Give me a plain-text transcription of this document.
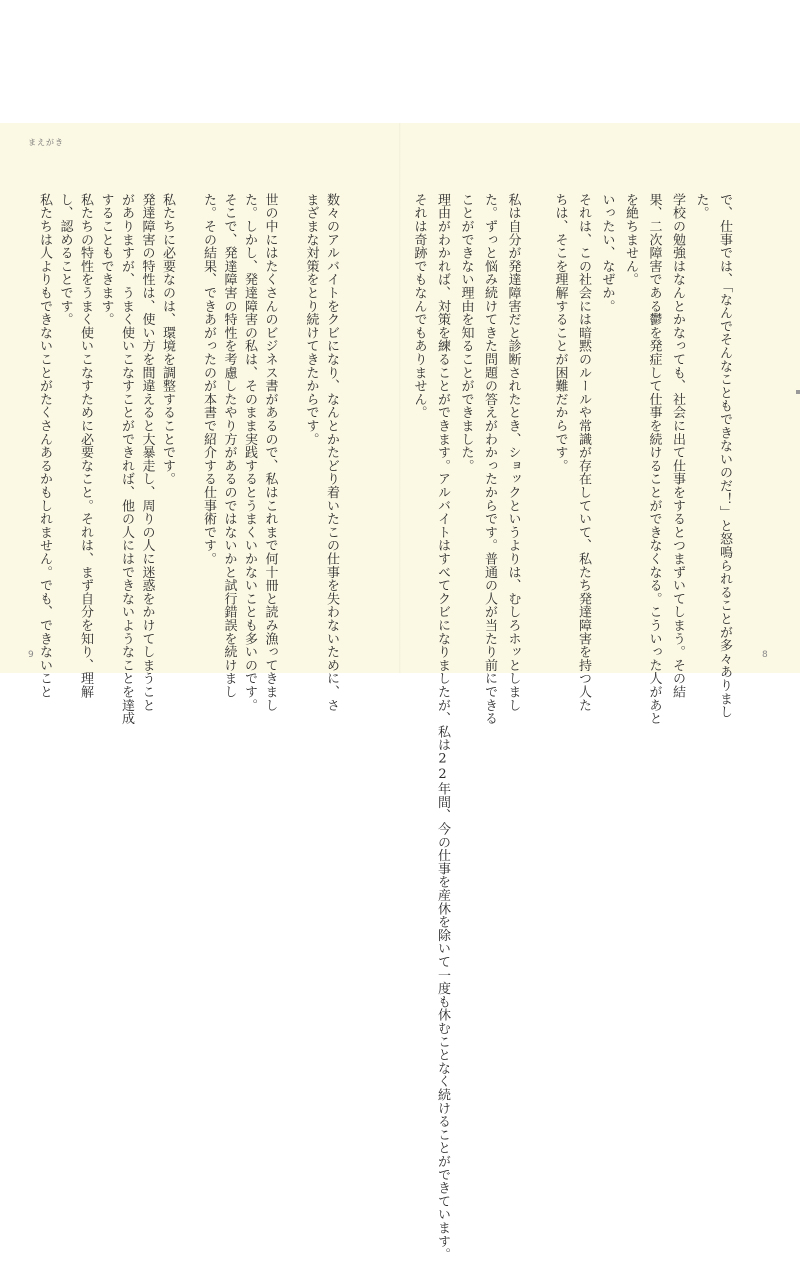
まえがき
で、仕事では、「なんでそんなこともできないのだ！」と怒鳴られることが多々ありまし
た。
学校の勉強はなんとかなっても、社会に出て仕事をするとつまずいてしまう。その結
果、二次障害である鬱を発症して仕事を続けることができなくなる。こういった人があと
を絶ちません。
いったい、なぜか。
それは、この社会には暗黙のルールや常識が存在していて、私たち発達障害を持つ人た
ちは、そこを理解することが困難だからです。
私は自分が発達障害だと診断されたとき、ショックというよりは、むしろホッとしまし
た。ずっと悩み続けてきた問題の答えがわかったからです。普通の人が当たり前にできる
ことができない理由を知ることができました。
理由がわかれば、対策を練ることができます。アルバイトはすべてクビになりましたが、私は22年間、今の仕事を産休を除いて一度も休むことなく続けることができています。
それは奇跡でもなんでもありません。
数々のアルバイトをクビになり、なんとかたどり着いたこの仕事を失わないために、さ
まざまな対策をとり続けてきたからです。
世の中にはたくさんのビジネス書があるので、私はこれまで何十冊と読み漁ってきまし
た。しかし、発達障害の私は、そのまま実践するとうまくいかないことも多いのです。
そこで、発達障害の特性を考慮したやり方があるのではないかと試行錯誤を続けまし
た。その結果、できあがったのが本書で紹介する仕事術です。
私たちに必要なのは、環境を調整することです。
発達障害の特性は、使い方を間違えると大暴走し、周りの人に迷惑をかけてしまうこと
がありますが、うまく使いこなすことができれば、他の人にはできないようなことを達成
することもできます。
私たちの特性をうまく使いこなすために必要なこと。それは、まず自分を知り、理解
し、認めることです。
私たちは人よりもできないことがたくさんあるかもしれません。でも、できないこと
9	8
